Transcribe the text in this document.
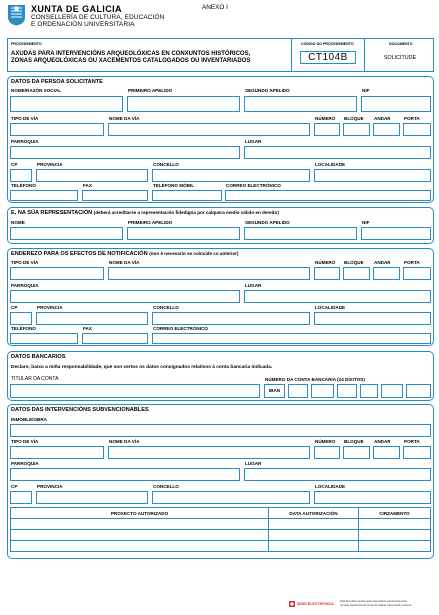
XUNTA DE GALICIA
CONSELLERÍA DE CULTURA, EDUCACIÓN
E ORDENACIÓN UNIVERSITARIA
ANEXO I
PROCEDEMENTO
AXUDAS PARA INTERVENCIÓNS ARQUEOLÓXICAS EN CONXUNTOS HISTÓRICOS,
ZONAS ARQUEOLÓXICAS OU XACEMENTOS CATALOGADOS OU INVENTARIADOS
CÓDIGO DO PROCEDEMENTO
CT104B
DOCUMENTO
SOLICITUDE
DATOS DA PERSOA SOLICITANTE
NOME/RAZÓN SOCIAL	PRIMEIRO APELIDO	SEGUNDO APELIDO	NIF
TIPO DE VÍA	NOME DA VÍA	NÚMERO BLOQUE ANDAR	PORTA
PARROQUIA	LUGAR
CP	PROVINCIA	CONCELLO	LOCALIDADE
TELÉFONO	FAX	TELÉFONO MÓBIL	CORREO ELECTRÓNICO
E, NA SÚA REPRESENTACIÓN (deberá acreditarse a representación fidedigna por calquera medio válido en dereito)
NOME	PRIMEIRO APELIDO	SEGUNDO APELIDO	NIF
ENDEREZO PARA OS EFECTOS DE NOTIFICACIÓN (non é necesario se coincide co anterior)
TIPO DE VÍA	NOME DA VÍA	NÚMERO BLOQUE ANDAR	PORTA
PARROQUIA	LUGAR
CP	PROVINCIA	CONCELLO	LOCALIDADE
TELÉFONO	FAX	CORREO ELECTRÓNICO
DATOS BANCARIOS
Declaro, baixo a miña responsabilidade, que son certos os datos consignados relativos á conta bancaria indicada.
TITULAR DA CONTA	NÚMERO DA CONTA BANCARIA (24 DÍXITOS)
IBAN
DATOS DAS INTERVENCIÓNS SUBVENCIONABLES
INMOBLE/OBRA
TIPO DE VÍA	NOME DA VÍA	NÚMERO BLOQUE ANDAR	PORTA
PARROQUIA	LUGAR
CP	PROVINCIA	CONCELLO	LOCALIDADE
PROXECTO AUTORIZADO	DATA AUTORIZACIÓN	CIRZAMENTO

SEDE ELECTRÓNICA
Este formulario tamén pode presentarse electronicamente
na sede electrónica da Xunta de Galicia: https://sede.xunta.es
